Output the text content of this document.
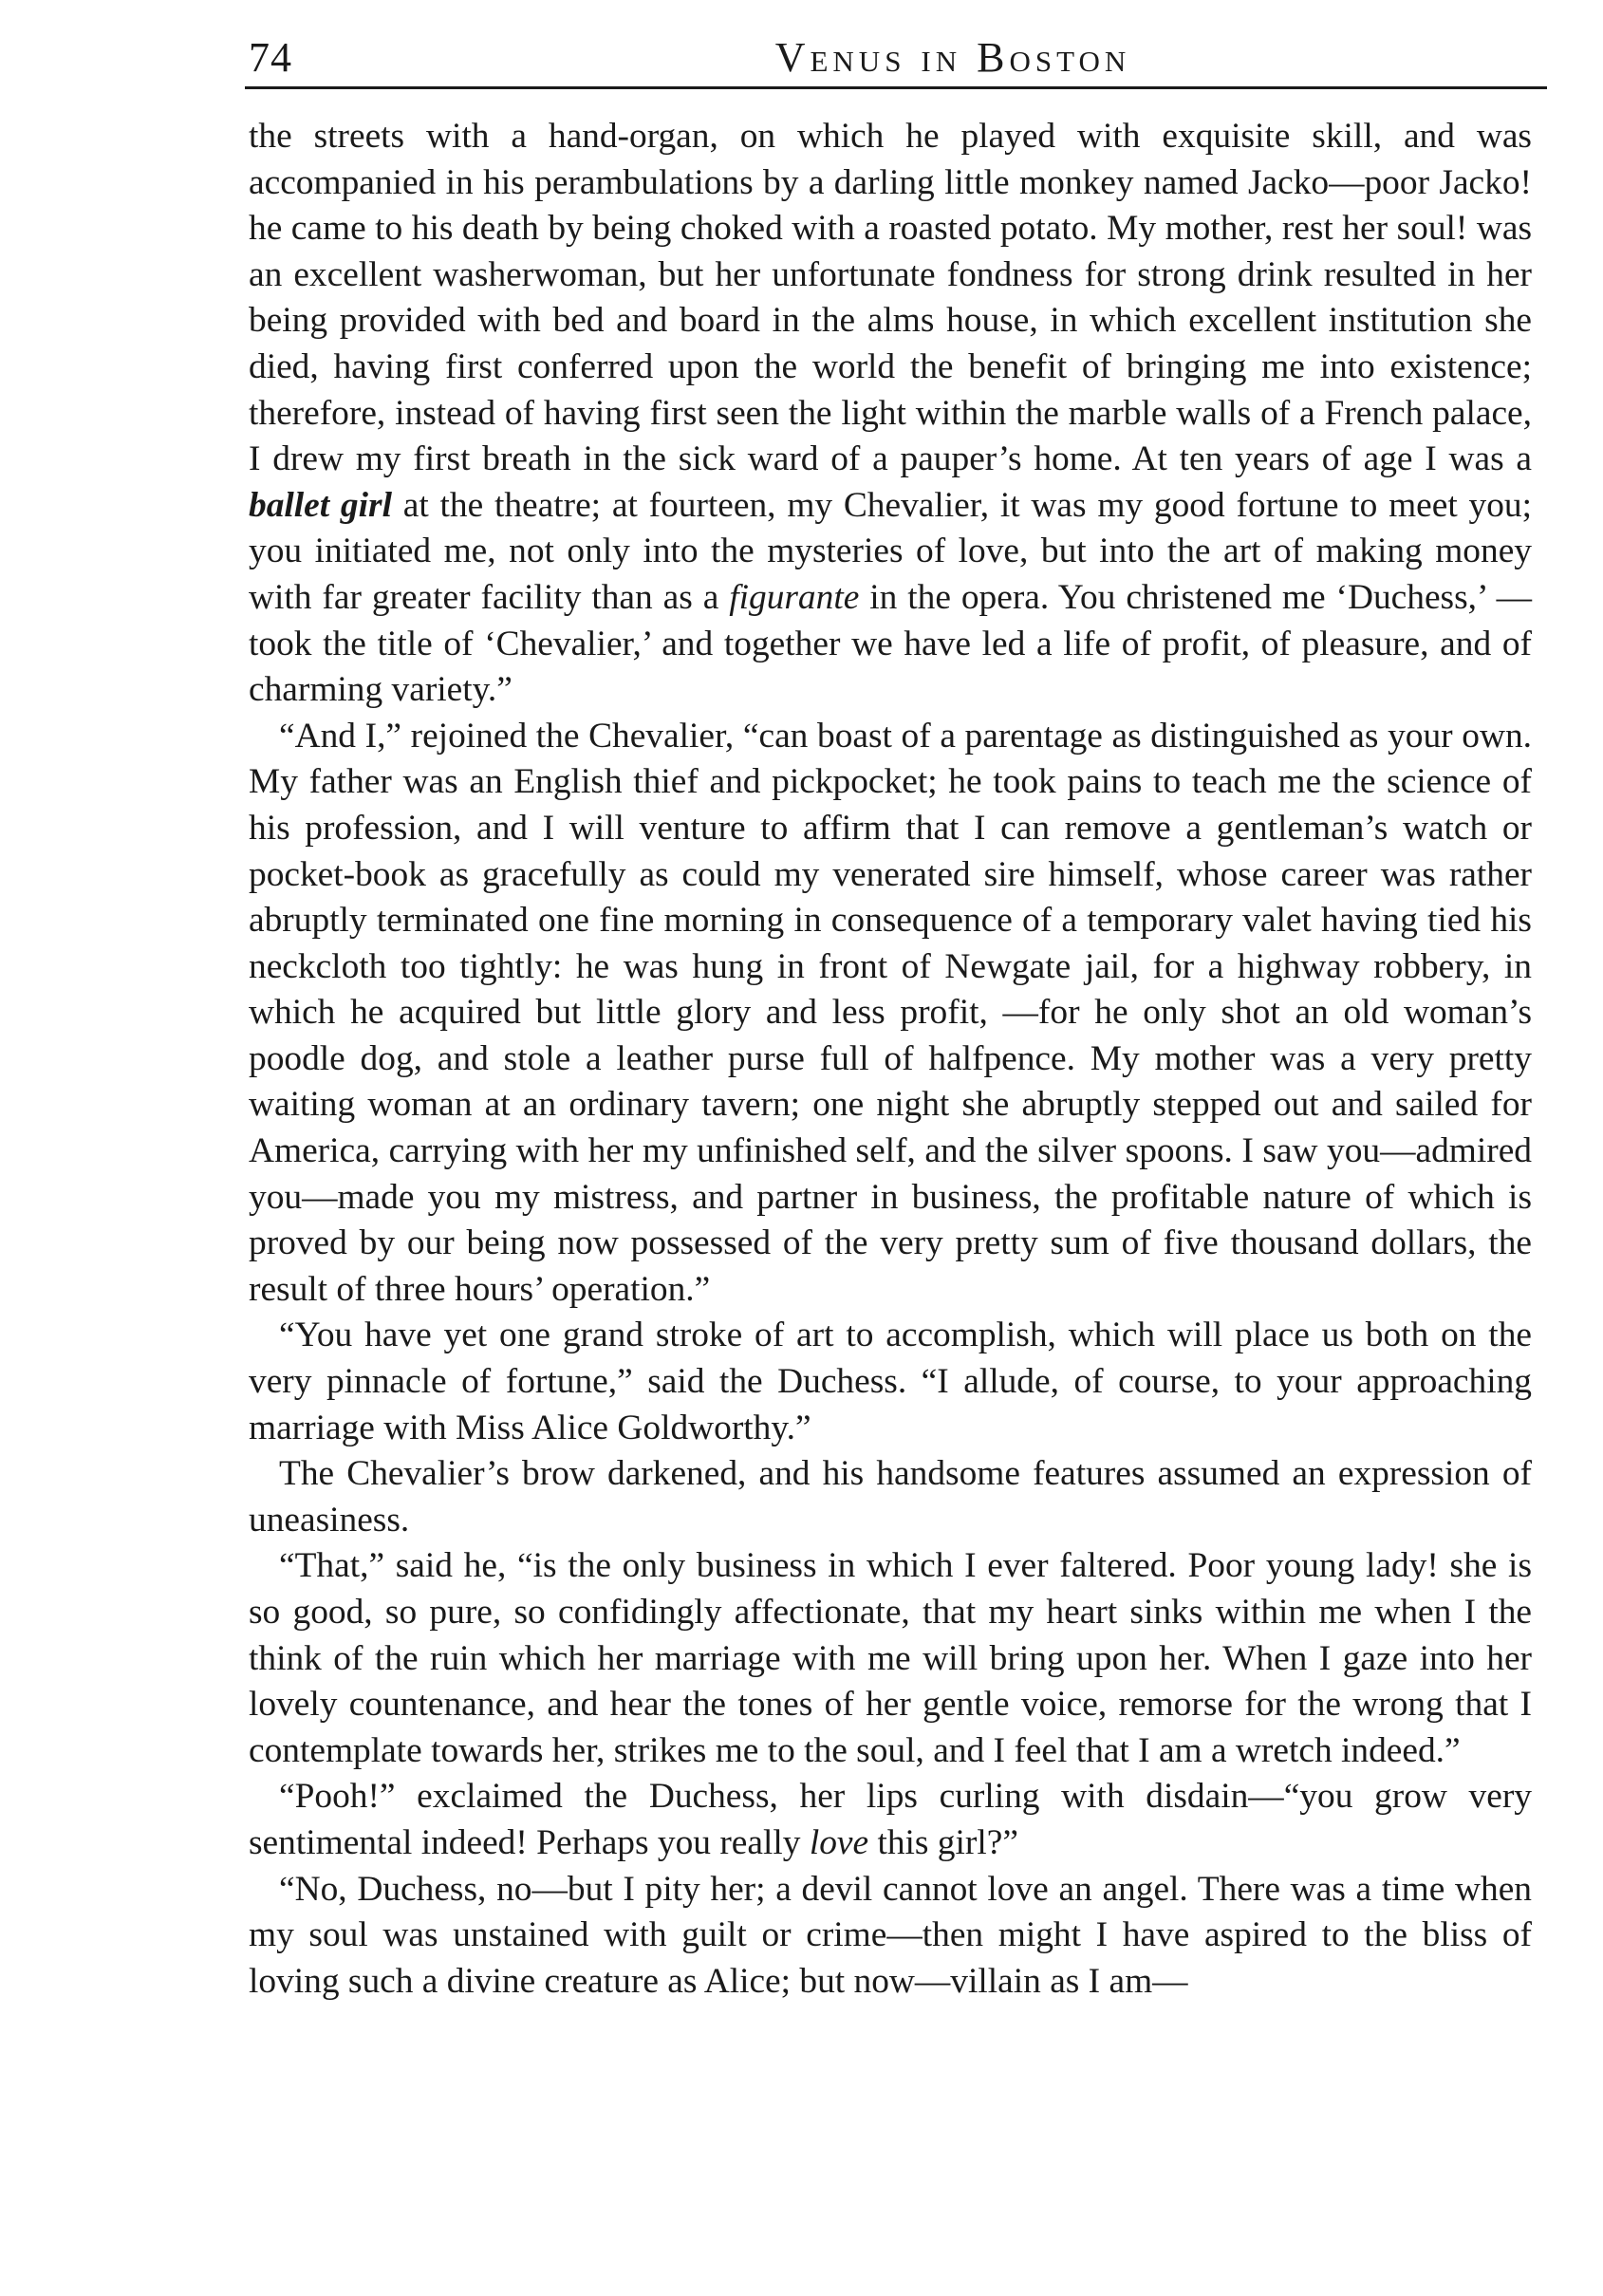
74	Venus in Boston

the streets with a hand-organ, on which he played with exquisite skill, and was accompanied in his perambulations by a darling little monkey named Jacko—poor Jacko! he came to his death by being choked with a roasted potato. My mother, rest her soul! was an excellent washerwoman, but her unfortunate fondness for strong drink resulted in her being provided with bed and board in the alms house, in which excellent institution she died, having first conferred upon the world the benefit of bringing me into existence; therefore, instead of having first seen the light within the marble walls of a French palace, I drew my first breath in the sick ward of a pauper’s home. At ten years of age I was a ballet girl at the theatre; at fourteen, my Chevalier, it was my good fortune to meet you; you initiated me, not only into the mysteries of love, but into the art of making money with far greater facility than as a figurante in the opera. You christened me ‘Duchess,’ —took the title of ‘Chevalier,’ and together we have led a life of profit, of pleasure, and of charming variety.”

“And I,” rejoined the Chevalier, “can boast of a parentage as distinguished as your own. My father was an English thief and pickpocket; he took pains to teach me the science of his profession, and I will venture to affirm that I can remove a gentleman’s watch or pocket-book as gracefully as could my venerated sire himself, whose career was rather abruptly terminated one fine morning in consequence of a temporary valet having tied his neckcloth too tightly: he was hung in front of Newgate jail, for a highway robbery, in which he acquired but little glory and less profit, —for he only shot an old woman’s poodle dog, and stole a leather purse full of halfpence. My mother was a very pretty waiting woman at an ordinary tavern; one night she abruptly stepped out and sailed for America, carrying with her my unfinished self, and the silver spoons. I saw you—admired you—made you my mistress, and partner in business, the profitable nature of which is proved by our being now possessed of the very pretty sum of five thousand dollars, the result of three hours’ operation.”

“You have yet one grand stroke of art to accomplish, which will place us both on the very pinnacle of fortune,” said the Duchess. “I allude, of course, to your approaching marriage with Miss Alice Goldworthy.”

The Chevalier’s brow darkened, and his handsome features assumed an expression of uneasiness.

“That,” said he, “is the only business in which I ever faltered. Poor young lady! she is so good, so pure, so confidingly affectionate, that my heart sinks within me when I the think of the ruin which her marriage with me will bring upon her. When I gaze into her lovely countenance, and hear the tones of her gentle voice, remorse for the wrong that I contemplate towards her, strikes me to the soul, and I feel that I am a wretch indeed.”

“Pooh!” exclaimed the Duchess, her lips curling with disdain—“you grow very sentimental indeed! Perhaps you really love this girl?”

“No, Duchess, no—but I pity her; a devil cannot love an angel. There was a time when my soul was unstained with guilt or crime—then might I have aspired to the bliss of loving such a divine creature as Alice; but now—villain as I am—
